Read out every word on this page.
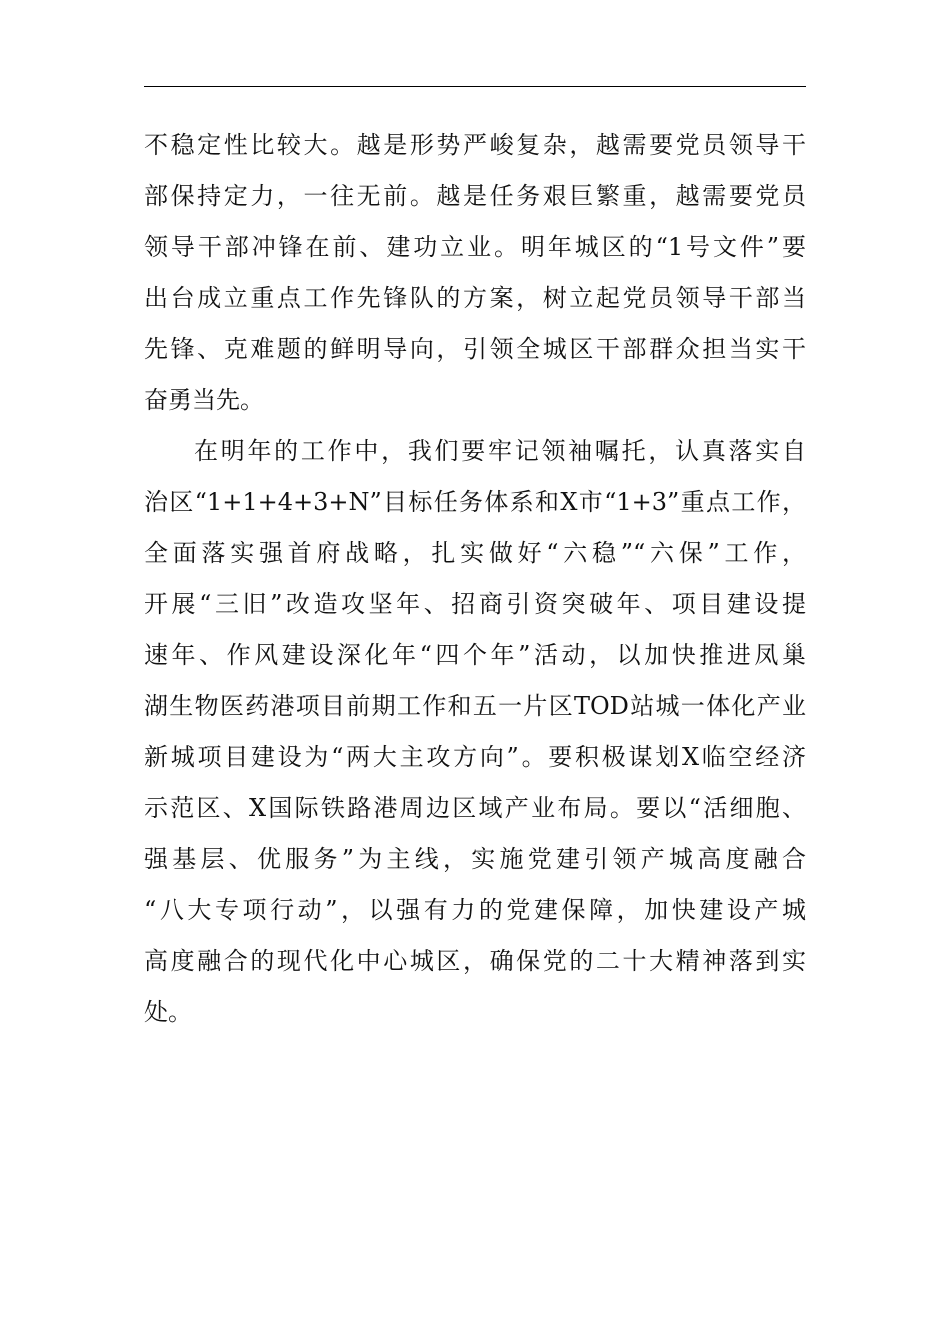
不稳定性比较大。越是形势严峻复杂，越需要党员领导干
部保持定力，一往无前。越是任务艰巨繁重，越需要党员
领导干部冲锋在前、建功立业。明年城区的“1号文件”要
出台成立重点工作先锋队的方案，树立起党员领导干部当
先锋、克难题的鲜明导向，引领全城区干部群众担当实干
奋勇当先。
在明年的工作中，我们要牢记领袖嘱托，认真落实自
治区“1+1+4+3+N”目标任务体系和X市“1+3”重点工作，
全面落实强首府战略，扎实做好“六稳”“六保”工作，
开展“三旧”改造攻坚年、招商引资突破年、项目建设提
速年、作风建设深化年“四个年”活动，以加快推进凤巢
湖生物医药港项目前期工作和五一片区TOD站城一体化产业
新城项目建设为“两大主攻方向”。要积极谋划X临空经济
示范区、X国际铁路港周边区域产业布局。要以“活细胞、
强基层、优服务”为主线，实施党建引领产城高度融合
“八大专项行动”，以强有力的党建保障，加快建设产城
高度融合的现代化中心城区，确保党的二十大精神落到实
处。
